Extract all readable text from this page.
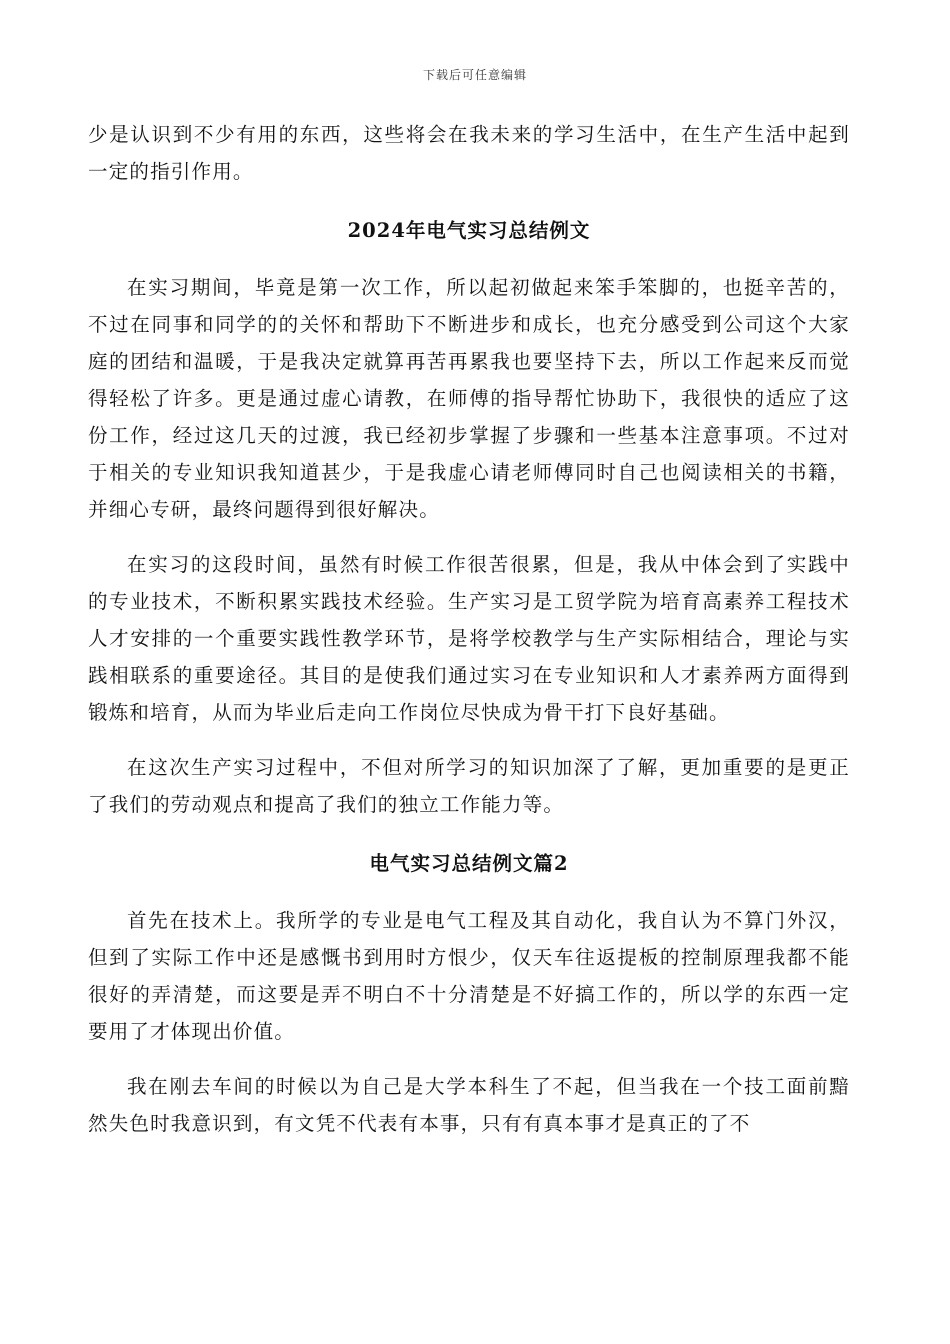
下载后可任意编辑

少是认识到不少有用的东西，这些将会在我未来的学习生活中，在生产生活中起到一定的指引作用。

2024年电气实习总结例文

在实习期间，毕竟是第一次工作，所以起初做起来笨手笨脚的，也挺辛苦的，不过在同事和同学的的关怀和帮助下不断进步和成长，也充分感受到公司这个大家庭的团结和温暖，于是我决定就算再苦再累我也要坚持下去，所以工作起来反而觉得轻松了许多。更是通过虚心请教，在师傅的指导帮忙协助下，我很快的适应了这份工作，经过这几天的过渡，我已经初步掌握了步骤和一些基本注意事项。不过对于相关的专业知识我知道甚少，于是我虚心请老师傅同时自己也阅读相关的书籍，并细心专研，最终问题得到很好解决。

在实习的这段时间，虽然有时候工作很苦很累，但是，我从中体会到了实践中的专业技术，不断积累实践技术经验。生产实习是工贸学院为培育高素养工程技术人才安排的一个重要实践性教学环节，是将学校教学与生产实际相结合，理论与实践相联系的重要途径。其目的是使我们通过实习在专业知识和人才素养两方面得到锻炼和培育，从而为毕业后走向工作岗位尽快成为骨干打下良好基础。

在这次生产实习过程中，不但对所学习的知识加深了了解，更加重要的是更正了我们的劳动观点和提高了我们的独立工作能力等。

电气实习总结例文篇2

首先在技术上。我所学的专业是电气工程及其自动化，我自认为不算门外汉，但到了实际工作中还是感慨书到用时方恨少，仅天车往返提板的控制原理我都不能很好的弄清楚，而这要是弄不明白不十分清楚是不好搞工作的，所以学的东西一定要用了才体现出价值。

我在刚去车间的时候以为自己是大学本科生了不起，但当我在一个技工面前黯然失色时我意识到，有文凭不代表有本事，只有有真本事才是真正的了不
